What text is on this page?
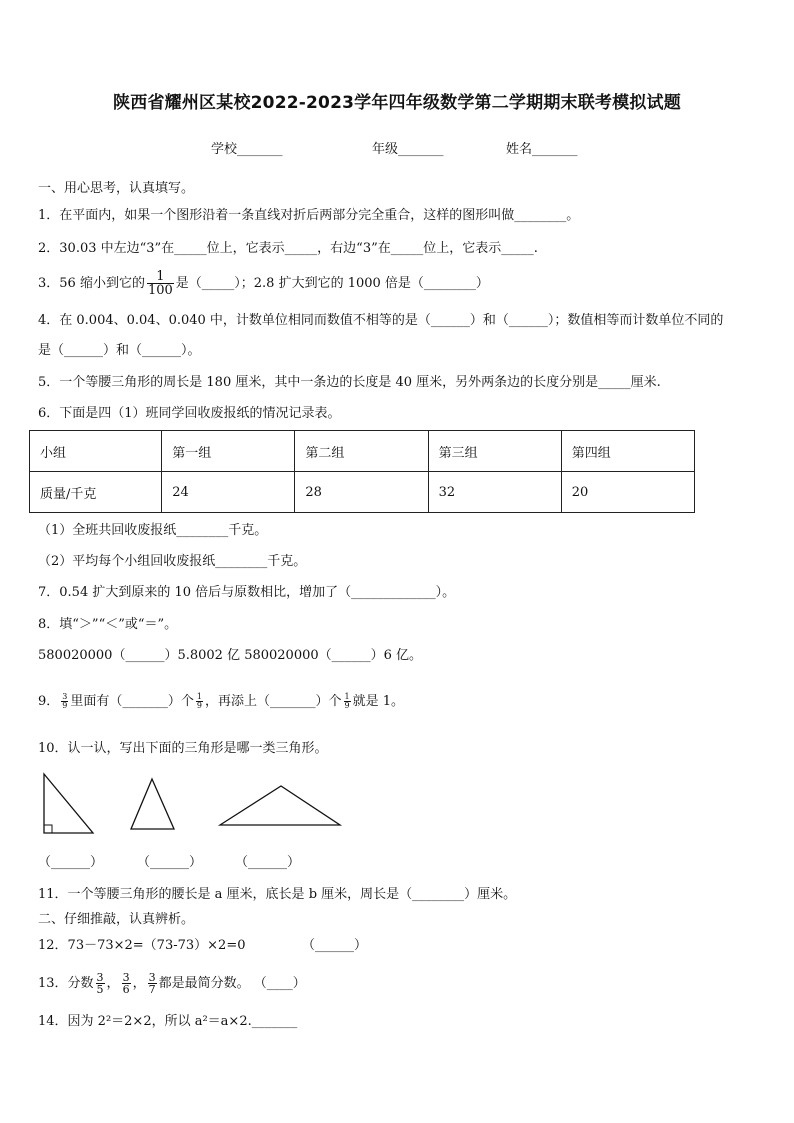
陕西省耀州区某校2022-2023学年四年级数学第二学期期末联考模拟试题
学校_______	年级_______	姓名_______
一、用心思考，认真填写。
1．在平面内，如果一个图形沿着一条直线对折后两部分完全重合，这样的图形叫做________。
2．30.03 中左边“3”在_____位上，它表示_____，右边“3”在_____位上，它表示_____.
3．56 缩小到它的 $\frac{1}{100}$ 是（_____）；2.8 扩大到它的 1000 倍是（________）
4．在 0.004、0.04、0.040 中，计数单位相同而数值不相等的是（______）和（______）；数值相等而计数单位不同的
是（______）和（______）。
5．一个等腰三角形的周长是 180 厘米，其中一条边的长度是 40 厘米，另外两条边的长度分别是_____厘米.
6．下面是四（1）班同学回收废报纸的情况记录表。
小组	第一组	第二组	第三组	第四组
质量/千克	24	28	32	20
（1）全班共回收废报纸________千克。
（2）平均每个小组回收废报纸________千克。
7．0.54 扩大到原来的 10 倍后与原数相比，增加了（_____________）。
8．填“＞”“＜”或“＝”。
580020000（______）5.8002 亿 580020000（______）6 亿。
9． $\frac{3}{9}$ 里面有（_______）个 $\frac{1}{9}$ ，再添上（_______）个 $\frac{1}{9}$ 就是 1。
10．认一认，写出下面的三角形是哪一类三角形。
（______）	（______）	（______）
11．一个等腰三角形的腰长是 a 厘米，底长是 b 厘米，周长是（________）厘米。
二、仔细推敲，认真辨析。
12．73－73×2=（73-73）×2=0	（______）
13．分数 $\frac{3}{5}$ ， $\frac{3}{6}$ ， $\frac{3}{7}$ 都是最简分数。 （____）
14．因为 2²＝2×2，所以 a²＝a×2._______
